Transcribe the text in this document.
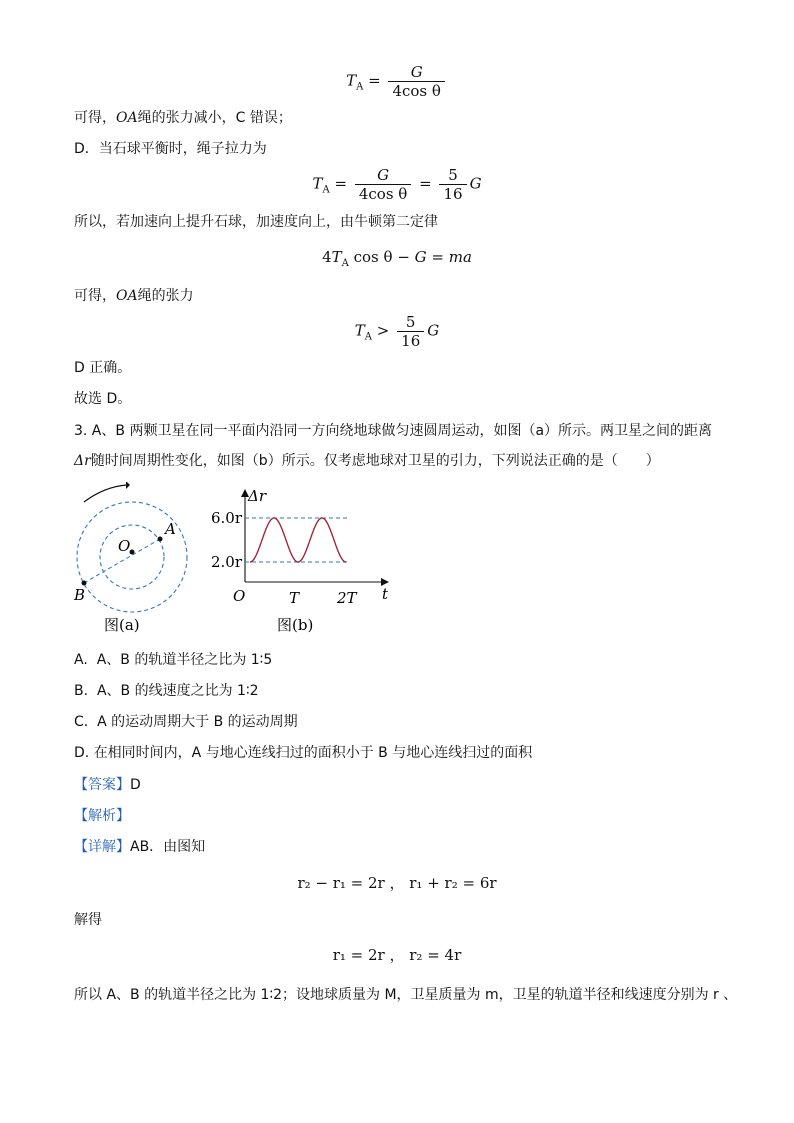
$T_A = \frac{G}{\text{4cos θ}}$
可得，OA绳的张力减小，C 错误；
D．当石球平衡时，绳子拉力为
$T_A = \frac{G}{\text{4cos θ}} = \frac{5}{16}$ G
所以，若加速向上提升石球，加速度向上，由牛顿第二定律
$4T_A$ cos θ − G = ma
可得，OA绳的张力
$T_A > \frac{5}{16}$ G
D 正确。
故选 D。
3. A、B 两颗卫星在同一平面内沿同一方向绕地球做匀速圆周运动，如图（a）所示。两卫星之间的距离
Δr随时间周期性变化，如图（b）所示。仅考虑地球对卫星的引力，下列说法正确的是（　　）
O
A
B
图(a)
Δr
t
6.0r
2.0r
O	T	2T
图(b)
A. A、B 的轨道半径之比为 1∶5
B. A、B 的线速度之比为 1∶2
C. A 的运动周期大于 B 的运动周期
D. 在相同时间内，A 与地心连线扫过的面积小于 B 与地心连线扫过的面积
【答案】D
【解析】
【详解】AB．由图知
r₂ − r₁ = 2r ， r₁ + r₂ = 6r
解得
r₁ = 2r ， r₂ = 4r
所以 A、B 的轨道半径之比为 1∶2；设地球质量为 M，卫星质量为 m，卫星的轨道半径和线速度分别为 r 、
